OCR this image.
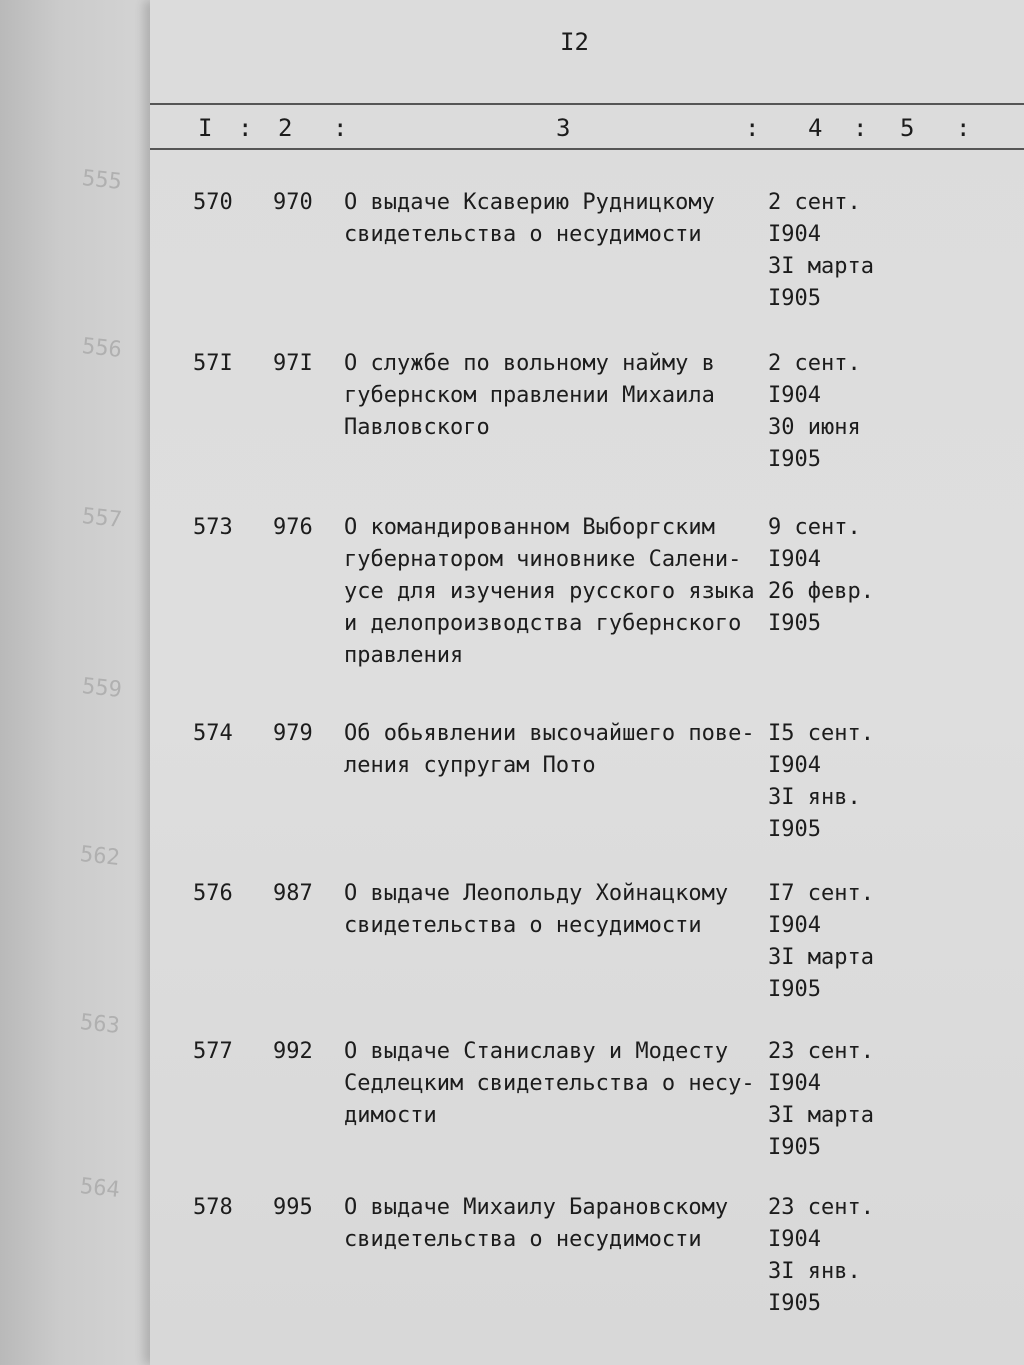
555
556
557
559
562
563
564
I2
I : 2 :	3	: 4 : 5 :
570 970 О выдаче Ксаверию Рудницкому
свидетельства о несудимости
2 сент.
I904
3I марта
I905
57I 97I О службе по вольному найму в
губернском правлении Михаила
Павловского
2 сент.
I904
30 июня
I905
573 976 О командированном Выборгским
губернатором чиновнике Салени-
усе для изучения русского языка
и делопроизводства губернского
правления
9 сент.
I904
26 февр.
I905
574 979 Об обьявлении высочайшего пове-
ления супругам Пото
I5 сент.
I904
3I янв.
I905
576 987 О выдаче Леопольду Хойнацкому
свидетельства о несудимости
I7 сент.
I904
3I марта
I905
577 992 О выдаче Станиславу и Модесту
Седлецким свидетельства о несу-
димости
23 сент.
I904
3I марта
I905
578 995 О выдаче Михаилу Барановскому
свидетельства о несудимости
23 сент.
I904
3I янв.
I905
